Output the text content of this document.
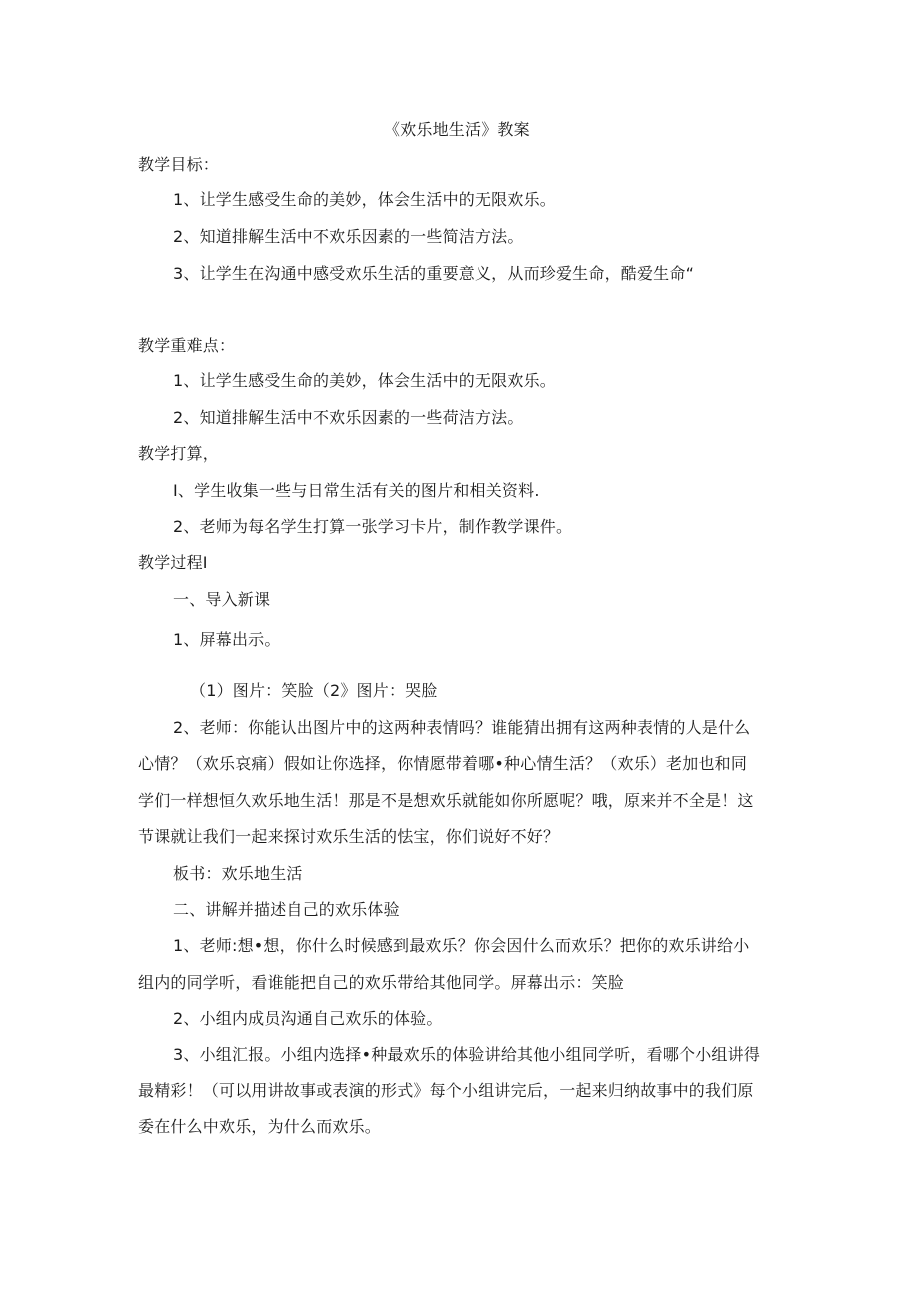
《欢乐地生活》教案
教学目标：
1、让学生感受生命的美妙，体会生活中的无限欢乐。
2、知道排解生活中不欢乐因素的一些简洁方法。
3、让学生在沟通中感受欢乐生活的重要意义，从而珍爱生命，酷爱生命“
教学重难点：
1、让学生感受生命的美妙，体会生活中的无限欢乐。
2、知道排解生活中不欢乐因素的一些荷洁方法。
教学打算，
I、学生收集一些与日常生活有关的图片和相关资料.
2、老师为每名学生打算一张学习卡片，制作教学课件。
教学过程I
一、导入新课
1、屏幕出示。
（1）图片：笑脸（2》图片：哭脸
2、老师：你能认出图片中的这两种表情吗？谁能猜出拥有这两种表情的人是什么
心情？（欢乐哀痛）假如让你选择，你情愿带着哪•种心情生活？（欢乐）老加也和同
学们一样想恒久欢乐地生活！那是不是想欢乐就能如你所愿呢？哦，原来并不全是！这
节课就让我们一起来探讨欢乐生活的怯宝，你们说好不好？
板书：欢乐地生活
二、讲解并描述自己的欢乐体验
1、老师:想•想，你什么时候感到最欢乐？你会因什么而欢乐？把你的欢乐讲给小
组内的同学听，看谁能把自己的欢乐带给其他同学。屏幕出示：笑脸
2、小组内成员沟通自己欢乐的体验。
3、小组汇报。小组内选择•种最欢乐的体验讲给其他小组同学听，看哪个小组讲得
最精彩！（可以用讲故事或表演的形式》每个小组讲完后，一起来归纳故事中的我们原
委在什么中欢乐，为什么而欢乐。
